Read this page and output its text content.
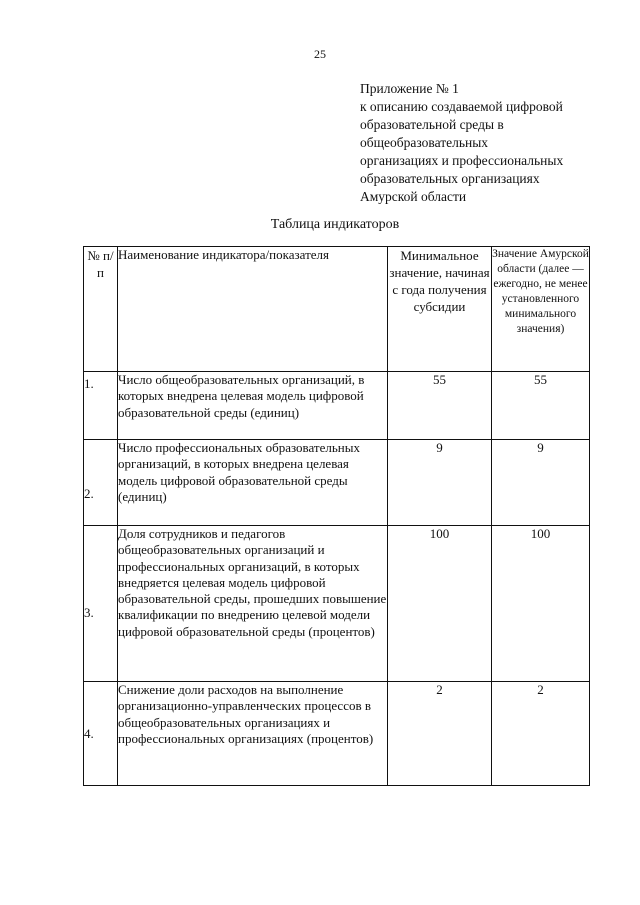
25
Приложение № 1
к описанию создаваемой цифровой
образовательной среды в
общеобразовательных
организациях и профессиональных
образовательных организациях
Амурской области
Таблица индикаторов
№ п/п	Наименование индикатора/показателя	Минимальное значение, начиная с года получения субсидии	Значение Амурской области (далее — ежегодно, не менее установленного минимального значения)
1.	Число общеобразовательных организаций, в которых внедрена целевая модель цифровой образовательной среды (единиц)	55	55
2.	Число профессиональных образовательных организаций, в которых внедрена целевая модель цифровой образовательной среды (единиц)	9	9
3.	Доля сотрудников и педагогов общеобразовательных организаций и профессиональных организаций, в которых внедряется целевая модель цифровой образовательной среды, прошедших повышение квалификации по внедрению целевой модели цифровой образовательной среды (процентов)	100	100
4.	Снижение доли расходов на выполнение организационно-управленческих процессов в общеобразовательных организациях и профессиональных организациях (процентов)	2	2
